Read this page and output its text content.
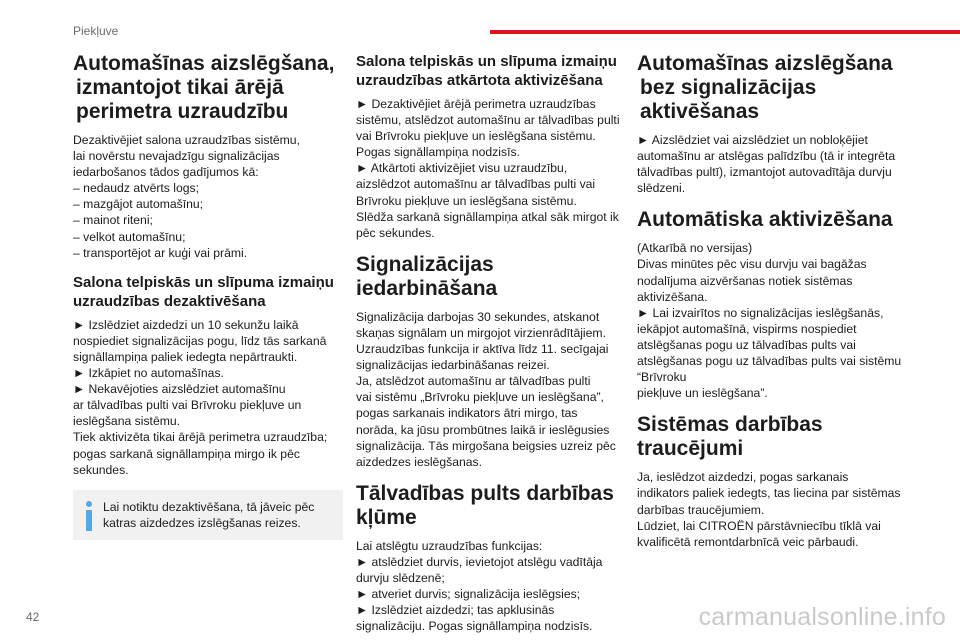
Piekļuve
Automašīnas aizslēgšana,
izmantojot tikai ārējā
perimetra uzraudzību

Dezaktivējiet salona uzraudzības sistēmu,
lai novērstu nevajadzīgu signalizācijas
iedarbošanos tādos gadījumos kā:
– nedaudz atvērts logs;
– mazgājot automašīnu;
– mainot riteni;
– velkot automašīnu;
– transportējot ar kuģi vai prāmi.

Salona telpiskās un slīpuma izmaiņu uzraudzības dezaktivēšana

► Izslēdziet aizdedzi un 10 sekunžu laikā
nospiediet signalizācijas pogu, līdz tās sarkanā
signāllampiņa paliek iedegta nepārtraukti.
► Izkāpiet no automašīnas.
► Nekavējoties aizslēdziet automašīnu
ar tālvadības pulti vai Brīvroku piekļuve un
ieslēgšana sistēmu.
Tiek aktivizēta tikai ārējā perimetra uzraudzība;
pogas sarkanā signāllampiņa mirgo ik pēc
sekundes.

Lai notiktu dezaktivēšana, tā jāveic pēc
katras aizdedzes izslēgšanas reizes.

Salona telpiskās un slīpuma izmaiņu uzraudzības atkārtota aktivizēšana

► Dezaktivējiet ārējā perimetra uzraudzības
sistēmu, atslēdzot automašīnu ar tālvadības pulti
vai Brīvroku piekļuve un ieslēgšana sistēmu.
Pogas signāllampiņa nodzisīs.
► Atkārtoti aktivizējiet visu uzraudzību,
aizslēdzot automašīnu ar tālvadības pulti vai
Brīvroku piekļuve un ieslēgšana sistēmu.
Slēdža sarkanā signāllampiņa atkal sāk mirgot ik
pēc sekundes.

Signalizācijas iedarbināšana

Signalizācija darbojas 30 sekundes, atskanot
skaņas signālam un mirgojot virzienrādītājiem.
Uzraudzības funkcija ir aktīva līdz 11. secīgajai
signalizācijas iedarbināšanas reizei.
Ja, atslēdzot automašīnu ar tālvadības pulti
vai sistēmu „Brīvroku piekļuve un ieslēgšana”,
pogas sarkanais indikators ātri mirgo, tas
norāda, ka jūsu prombūtnes laikā ir ieslēgusies
signalizācija. Tās mirgošana beigsies uzreiz pēc
aizdedzes ieslēgšanas.

Tālvadības pults darbības
kļūme

Lai atslēgtu uzraudzības funkcijas:
► atslēdziet durvis, ievietojot atslēgu vadītāja
durvju slēdzenē;
► atveriet durvis; signalizācija ieslēgsies;
► Izslēdziet aizdedzi; tas apklusinās
signalizāciju. Pogas signāllampiņa nodzisīs.

Automašīnas aizslēgšana
bez signalizācijas
aktivēšanas

► Aizslēdziet vai aizslēdziet un nobloķējiet
automašīnu ar atslēgas palīdzību (tā ir integrēta
tālvadības pultī), izmantojot autovadītāja durvju
slēdzeni.

Automātiska aktivizēšana

(Atkarībā no versijas)
Divas minūtes pēc visu durvju vai bagāžas
nodalījuma aizvēršanas notiek sistēmas
aktivizēšana.
► Lai izvairītos no signalizācijas ieslēgšanās,
iekāpjot automašīnā, vispirms nospiediet
atslēgšanas pogu uz tālvadības pults vai
atslēgšanas pogu uz tālvadības pults vai sistēmu “Brīvroku
piekļuve un ieslēgšana”.

Sistēmas darbības
traucējumi

Ja, ieslēdzot aizdedzi, pogas sarkanais
indikators paliek iedegts, tas liecina par sistēmas
darbības traucējumiem.
Lūdziet, lai CITROËN pārstāvniecību tīklā vai
kvalificētā remontdarbnīcā veic pārbaudi.

42	carmanualsonline.info
